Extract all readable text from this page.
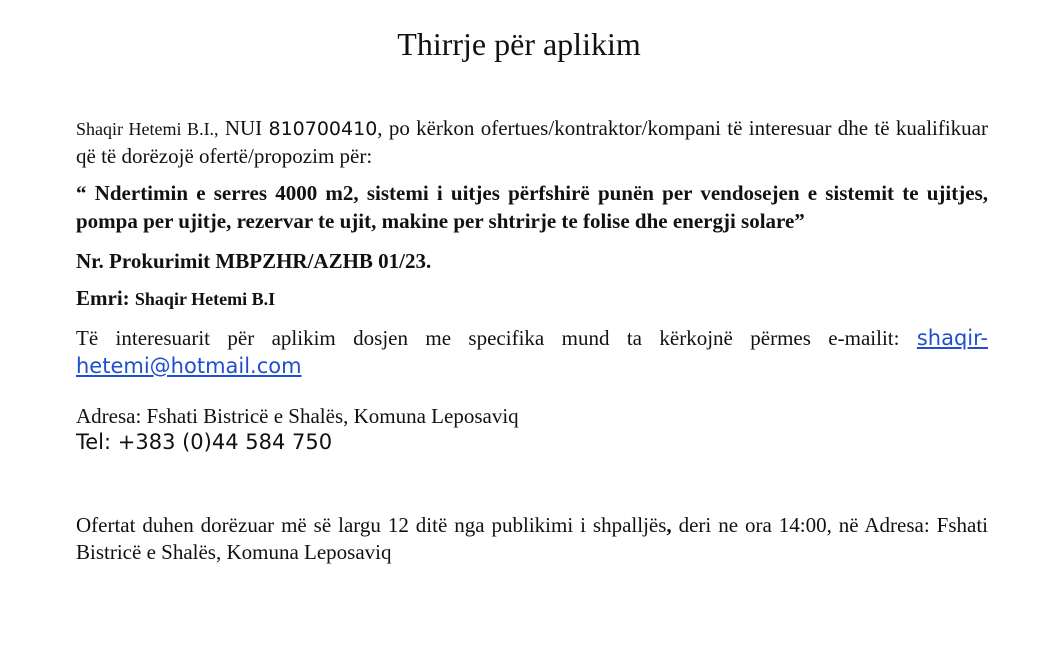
Thirrje për aplikim

Shaqir Hetemi B.I., NUI 810700410, po kërkon ofertues/kontraktor/kompani të interesuar dhe të kualifikuar që të dorëzojë ofertë/propozim për:

“ Ndertimin e serres 4000 m2, sistemi i uitjes përfshirë punën per vendosejen e sistemit te ujitjes, pompa per ujitje, rezervar te ujit, makine per shtrirje te folise dhe energji solare”

Nr. Prokurimit MBPZHR/AZHB 01/23.

Emri: Shaqir Hetemi B.I

Të interesuarit për aplikim dosjen me specifika mund ta kërkojnë përmes e-mailit: shaqir-hetemi@hotmail.com

Adresa: Fshati Bistricë e Shalës, Komuna Leposaviq

Tel: +383 (0)44 584 750

Ofertat duhen dorëzuar më së largu 12 ditë nga publikimi i shpalljës, deri ne ora 14:00, në Adresa: Fshati Bistricë e Shalës, Komuna Leposaviq
